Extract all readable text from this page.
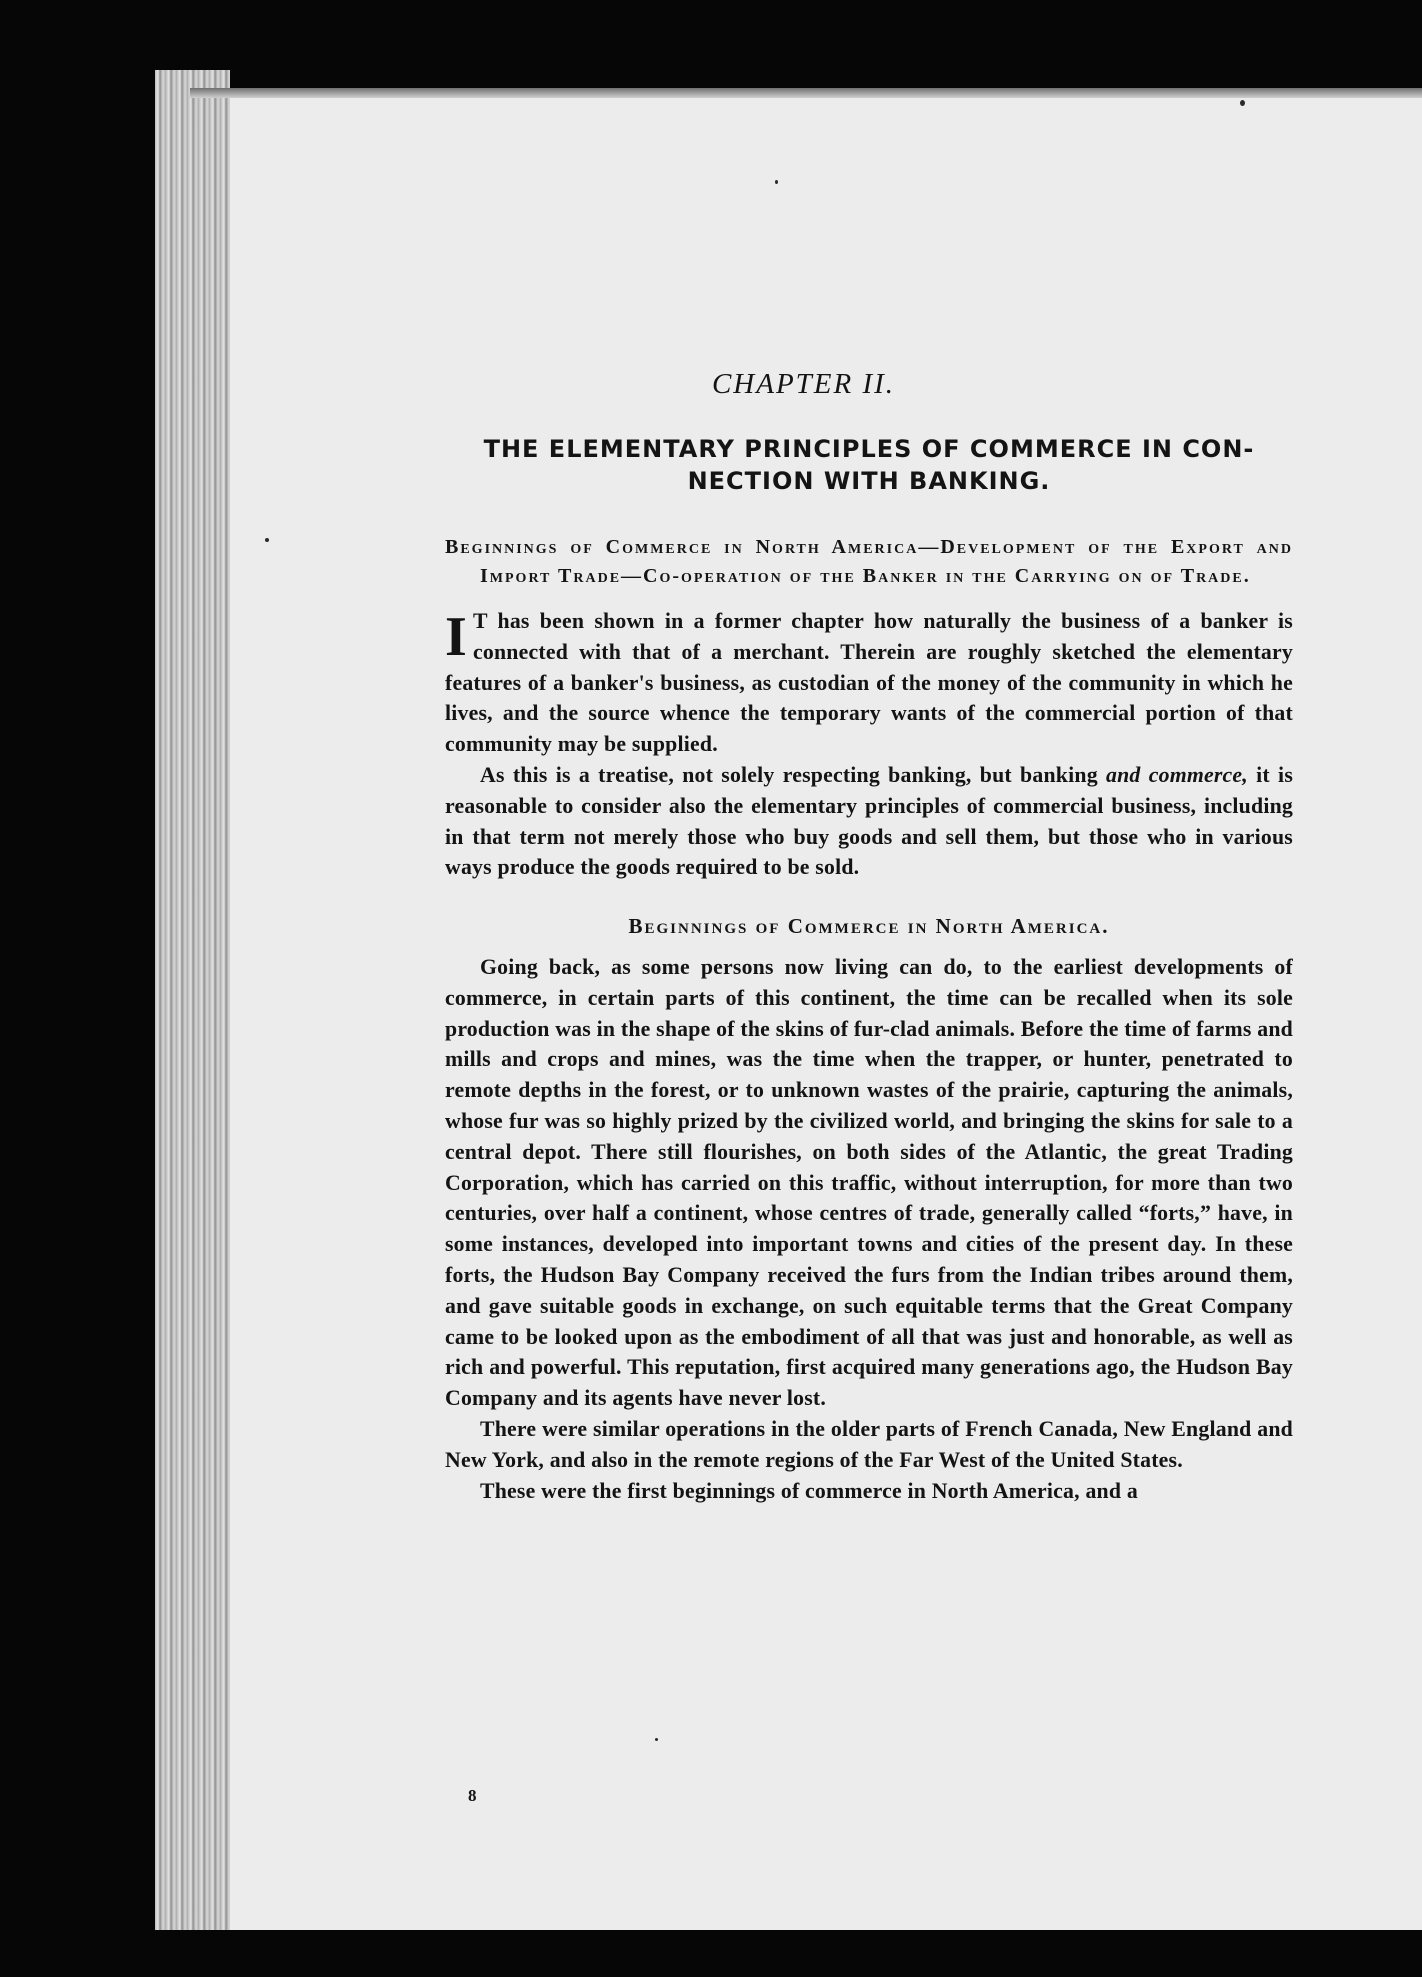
CHAPTER II.
THE ELEMENTARY PRINCIPLES OF COMMERCE IN CON-NECTION WITH BANKING.
Beginnings of Commerce in North America—Development of the Export and Import Trade—Co-operation of the Banker in the Carrying on of Trade.

I T has been shown in a former chapter how naturally the business of a banker is connected with that of a merchant. Therein are roughly sketched the elementary features of a banker's business, as custodian of the money of the community in which he lives, and the source whence the temporary wants of the commercial portion of that community may be supplied.

As this is a treatise, not solely respecting banking, but banking and commerce, it is reasonable to consider also the elementary principles of commercial business, including in that term not merely those who buy goods and sell them, but those who in various ways produce the goods required to be sold.

Beginnings of Commerce in North America.

Going back, as some persons now living can do, to the earliest developments of commerce, in certain parts of this continent, the time can be recalled when its sole production was in the shape of the skins of fur-clad animals. Before the time of farms and mills and crops and mines, was the time when the trapper, or hunter, penetrated to remote depths in the forest, or to unknown wastes of the prairie, capturing the animals, whose fur was so highly prized by the civilized world, and bringing the skins for sale to a central depot. There still flourishes, on both sides of the Atlantic, the great Trading Corporation, which has carried on this traffic, without interruption, for more than two centuries, over half a continent, whose centres of trade, generally called “forts,” have, in some instances, developed into important towns and cities of the present day. In these forts, the Hudson Bay Company received the furs from the Indian tribes around them, and gave suitable goods in exchange, on such equitable terms that the Great Company came to be looked upon as the embodiment of all that was just and honorable, as well as rich and powerful. This reputation, first acquired many generations ago, the Hudson Bay Company and its agents have never lost.

There were similar operations in the older parts of French Canada, New England and New York, and also in the remote regions of the Far West of the United States.

These were the first beginnings of commerce in North America, and a

8
